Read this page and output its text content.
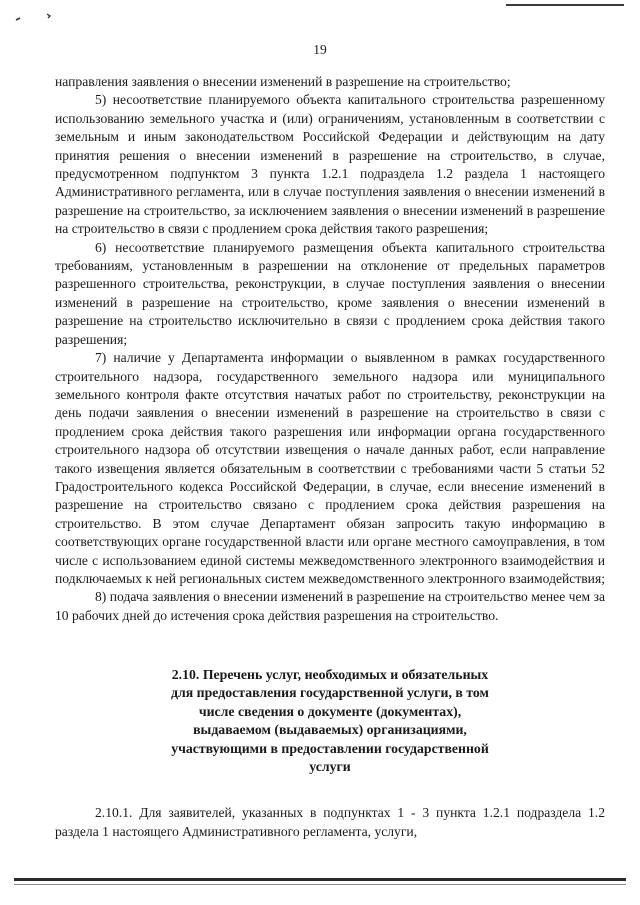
19

направления заявления о внесении изменений в разрешение на строительство;

5) несоответствие планируемого объекта капитального строительства разрешенному использованию земельного участка и (или) ограничениям, установленным в соответствии с земельным и иным законодательством Российской Федерации и действующим на дату принятия решения о внесении изменений в разрешение на строительство, в случае, предусмотренном подпунктом 3 пункта 1.2.1 подраздела 1.2 раздела 1 настоящего Административного регламента, или в случае поступления заявления о внесении изменений в разрешение на строительство, за исключением заявления о внесении изменений в разрешение на строительство в связи с продлением срока действия такого разрешения;

6) несоответствие планируемого размещения объекта капитального строительства требованиям, установленным в разрешении на отклонение от предельных параметров разрешенного строительства, реконструкции, в случае поступления заявления о внесении изменений в разрешение на строительство, кроме заявления о внесении изменений в разрешение на строительство исключительно в связи с продлением срока действия такого разрешения;

7) наличие у Департамента информации о выявленном в рамках государственного строительного надзора, государственного земельного надзора или муниципального земельного контроля факте отсутствия начатых работ по строительству, реконструкции на день подачи заявления о внесении изменений в разрешение на строительство в связи с продлением срока действия такого разрешения или информации органа государственного строительного надзора об отсутствии извещения о начале данных работ, если направление такого извещения является обязательным в соответствии с требованиями части 5 статьи 52 Градостроительного кодекса Российской Федерации, в случае, если внесение изменений в разрешение на строительство связано с продлением срока действия разрешения на строительство. В этом случае Департамент обязан запросить такую информацию в соответствующих органе государственной власти или органе местного самоуправления, в том числе с использованием единой системы межведомственного электронного взаимодействия и подключаемых к ней региональных систем межведомственного электронного взаимодействия;

8) подача заявления о внесении изменений в разрешение на строительство менее чем за 10 рабочих дней до истечения срока действия разрешения на строительство.

2.10. Перечень услуг, необходимых и обязательных
для предоставления государственной услуги, в том
числе сведения о документе (документах),
выдаваемом (выдаваемых) организациями,
участвующими в предоставлении государственной
услуги

2.10.1. Для заявителей, указанных в подпунктах 1 - 3 пункта 1.2.1 подраздела 1.2 раздела 1 настоящего Административного регламента, услуги,
